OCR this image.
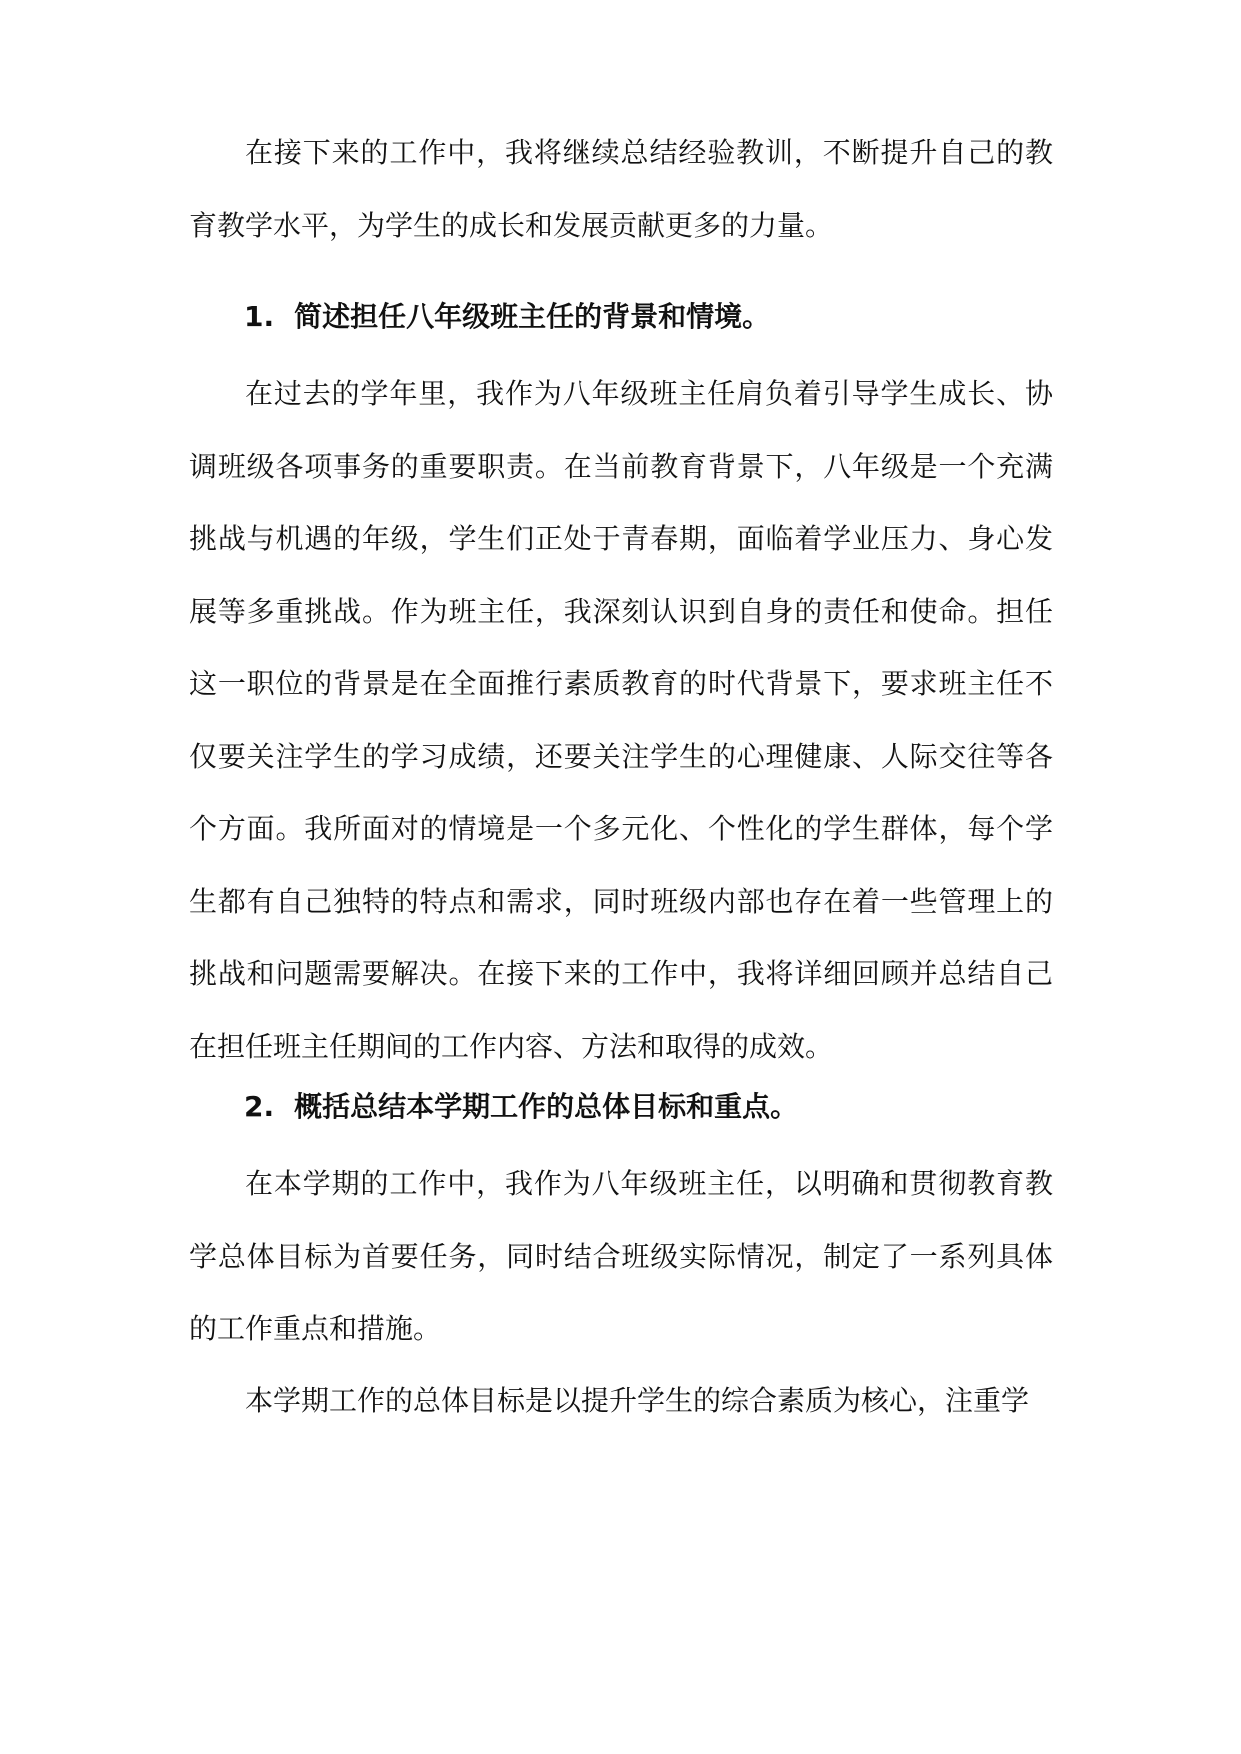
在接下来的工作中，我将继续总结经验教训，不断提升自己的教育教学水平，为学生的成长和发展贡献更多的力量。

1. 简述担任八年级班主任的背景和情境。

在过去的学年里，我作为八年级班主任肩负着引导学生成长、协调班级各项事务的重要职责。在当前教育背景下，八年级是一个充满挑战与机遇的年级，学生们正处于青春期，面临着学业压力、身心发展等多重挑战。作为班主任，我深刻认识到自身的责任和使命。担任这一职位的背景是在全面推行素质教育的时代背景下，要求班主任不仅要关注学生的学习成绩，还要关注学生的心理健康、人际交往等各个方面。我所面对的情境是一个多元化、个性化的学生群体，每个学生都有自己独特的特点和需求，同时班级内部也存在着一些管理上的挑战和问题需要解决。在接下来的工作中，我将详细回顾并总结自己在担任班主任期间的工作内容、方法和取得的成效。

2. 概括总结本学期工作的总体目标和重点。

在本学期的工作中，我作为八年级班主任，以明确和贯彻教育教学总体目标为首要任务，同时结合班级实际情况，制定了一系列具体的工作重点和措施。

本学期工作的总体目标是以提升学生的综合素质为核心，注重学
